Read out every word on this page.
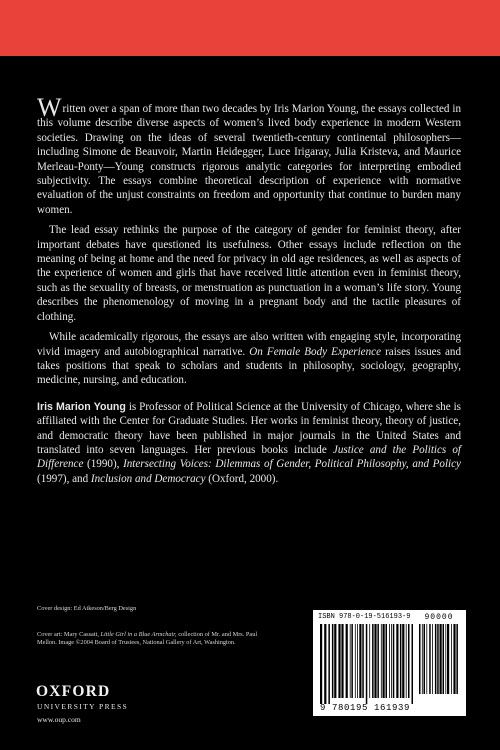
Written over a span of more than two decades by Iris Marion Young, the essays collected in this volume describe diverse aspects of women’s lived body experience in modern Western societies. Drawing on the ideas of several twentieth-century continental philosophers—including Simone de Beauvoir, Martin Heidegger, Luce Irigaray, Julia Kristeva, and Maurice Merleau-Ponty—Young constructs rigorous analytic categories for interpreting embodied subjectivity. The essays combine theoretical description of experience with normative evaluation of the unjust constraints on freedom and opportunity that continue to burden many women.

The lead essay rethinks the purpose of the category of gender for feminist theory, after important debates have questioned its usefulness. Other essays include reflection on the meaning of being at home and the need for privacy in old age residences, as well as aspects of the experience of women and girls that have received little attention even in feminist theory, such as the sexuality of breasts, or menstruation as punctuation in a woman’s life story. Young describes the phenomenology of moving in a pregnant body and the tactile pleasures of clothing.

While academically rigorous, the essays are also written with engaging style, incorporating vivid imagery and autobiographical narrative. On Female Body Experience raises issues and takes positions that speak to scholars and students in philosophy, sociology, geography, medicine, nursing, and education.

Iris Marion Young is Professor of Political Science at the University of Chicago, where she is affiliated with the Center for Graduate Studies. Her works in feminist theory, theory of justice, and democratic theory have been published in major journals in the United States and translated into seven languages. Her previous books include Justice and the Politics of Difference (1990), Intersecting Voices: Dilemmas of Gender, Political Philosophy, and Policy (1997), and Inclusion and Democracy (Oxford, 2000).

Cover design: Ed Atkeson/Berg Design
Cover art: Mary Cassatt, Little Girl in a Blue Armchair, collection of Mr. and Mrs. Paul Mellon. Image ©2004 Board of Trustees, National Gallery of Art, Washington.
OXFORD
UNIVERSITY PRESS
www.oup.com
ISBN 978-0-19-516193-9	90000
9 780195 161939
